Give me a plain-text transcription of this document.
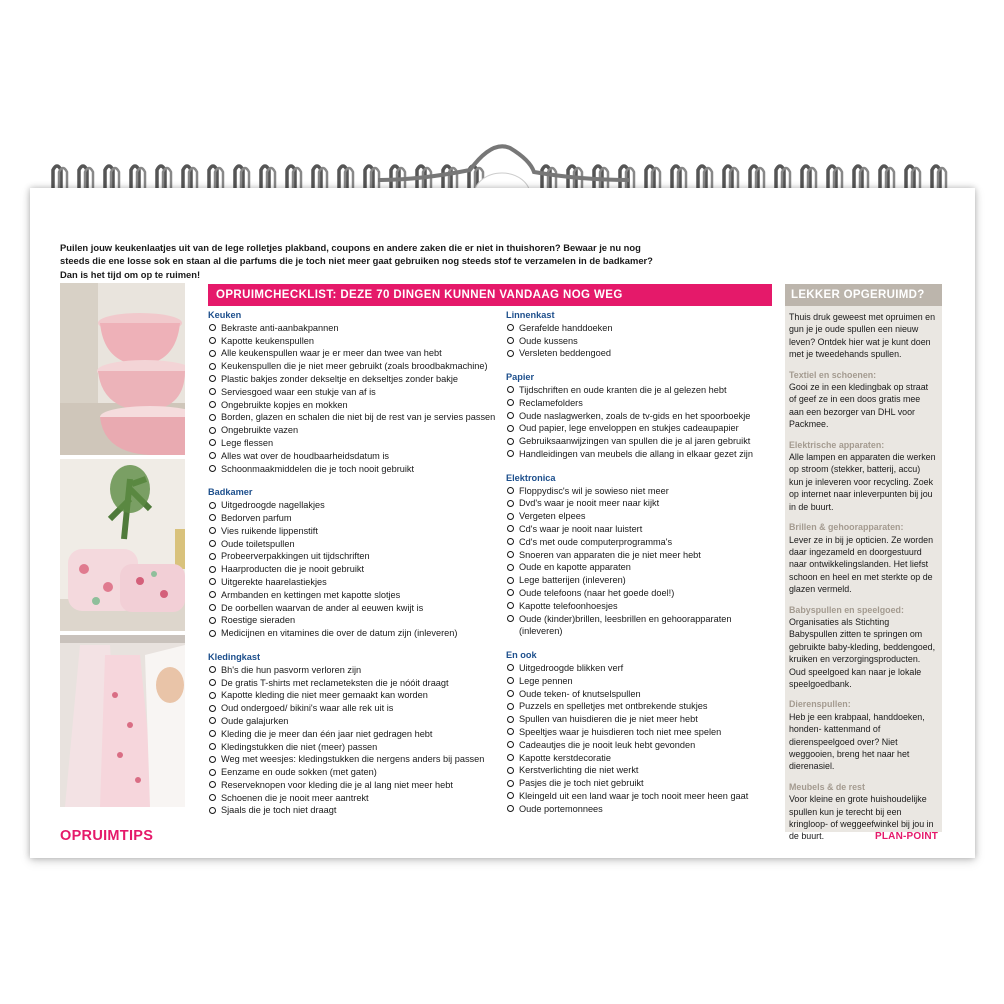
Puilen jouw keukenlaatjes uit van de lege rolletjes plakband, coupons en andere zaken die er niet in thuishoren? Bewaar je nu nog steeds die ene losse sok en staan al die parfums die je toch niet meer gaat gebruiken nog steeds stof te verzamelen in de badkamer? Dan is het tijd om op te ruimen!
OPRUIMCHECKLIST: DEZE 70 DINGEN KUNNEN VANDAAG NOG WEG
Keuken
Bekraste anti-aanbakpannen
Kapotte keukenspullen
Alle keukenspullen waar je er meer dan twee van hebt
Keukenspullen die je niet meer gebruikt (zoals broodbakmachine)
Plastic bakjes zonder dekseltje en dekseltjes zonder bakje
Serviesgoed waar een stukje van af is
Ongebruikte kopjes en mokken
Borden, glazen en schalen die niet bij de rest van je servies passen
Ongebruikte vazen
Lege flessen
Alles wat over de houdbaarheidsdatum is
Schoonmaakmiddelen die je toch nooit gebruikt
Badkamer
Uitgedroogde nagellakjes
Bedorven parfum
Vies ruikende lippenstift
Oude toiletspullen
Probeerverpakkingen uit tijdschriften
Haarproducten die je nooit gebruikt
Uitgerekte haarelastiekjes
Armbanden en kettingen met kapotte slotjes
De oorbellen waarvan de ander al eeuwen kwijt is
Roestige sieraden
Medicijnen en vitamines die over de datum zijn (inleveren)
Kledingkast
Bh's die hun pasvorm verloren zijn
De gratis T-shirts met reclameteksten die je nóóit draagt
Kapotte kleding die niet meer gemaakt kan worden
Oud ondergoed/ bikini's waar alle rek uit is
Oude galajurken
Kleding die je meer dan één jaar niet gedragen hebt
Kledingstukken die niet (meer) passen
Weg met weesjes: kledingstukken die nergens anders bij passen
Eenzame en oude sokken (met gaten)
Reserveknopen voor kleding die je al lang niet meer hebt
Schoenen die je nooit meer aantrekt
Sjaals die je toch niet draagt
Linnenkast
Gerafelde handdoeken
Oude kussens
Versleten beddengoed
Papier
Tijdschriften en oude kranten die je al gelezen hebt
Reclamefolders
Oude naslagwerken, zoals de tv-gids en het spoorboekje
Oud papier, lege enveloppen en stukjes cadeaupapier
Gebruiksaanwijzingen van spullen die je al jaren gebruikt
Handleidingen van meubels die allang in elkaar gezet zijn
Elektronica
Floppydisc's wil je sowieso niet meer
Dvd's waar je nooit meer naar kijkt
Vergeten elpees
Cd's waar je nooit naar luistert
Cd's met oude computerprogramma's
Snoeren van apparaten die je niet meer hebt
Oude en kapotte apparaten
Lege batterijen (inleveren)
Oude telefoons (naar het goede doel!)
Kapotte telefoonhoesjes
Oude (kinder)brillen, leesbrillen en gehoorapparaten (inleveren)
En ook
Uitgedroogde blikken verf
Lege pennen
Oude teken- of knutselspullen
Puzzels en spelletjes met ontbrekende stukjes
Spullen van huisdieren die je niet meer hebt
Speeltjes waar je huisdieren toch niet mee spelen
Cadeautjes die je nooit leuk hebt gevonden
Kapotte kerstdecoratie
Kerstverlichting die niet werkt
Pasjes die je toch niet gebruikt
Kleingeld uit een land waar je toch nooit meer heen gaat
Oude portemonnees
LEKKER OPGERUIMD?
Thuis druk geweest met opruimen en gun je je oude spullen een nieuw leven? Ontdek hier wat je kunt doen met je tweedehands spullen.
Textiel en schoenen:
Gooi ze in een kledingbak op straat of geef ze in een doos gratis mee aan een bezorger van DHL voor Packmee.
Elektrische apparaten:
Alle lampen en apparaten die werken op stroom (stekker, batterij, accu) kun je inleveren voor recycling. Zoek op internet naar inleverpunten bij jou in de buurt.
Brillen & gehoorapparaten:
Lever ze in bij je opticien. Ze worden daar ingezameld en doorgestuurd naar ontwikkelingslanden. Het liefst schoon en heel en met sterkte op de glazen vermeld.
Babyspullen en speelgoed:
Organisaties als Stichting Babyspullen zitten te springen om gebruikte baby-kleding, beddengoed, kruiken en verzorgingsproducten. Oud speelgoed kan naar je lokale speelgoedbank.
Dierenspullen:
Heb je een krabpaal, handdoeken, honden- kattenmand of dierenspeelgoed over? Niet weggooien, breng het naar het dierenasiel.
Meubels & de rest
Voor kleine en grote huishoudelijke spullen kun je terecht bij een kringloop- of weggeefwinkel bij jou in de buurt.
OPRUIMTIPS	PLAN-POINT
